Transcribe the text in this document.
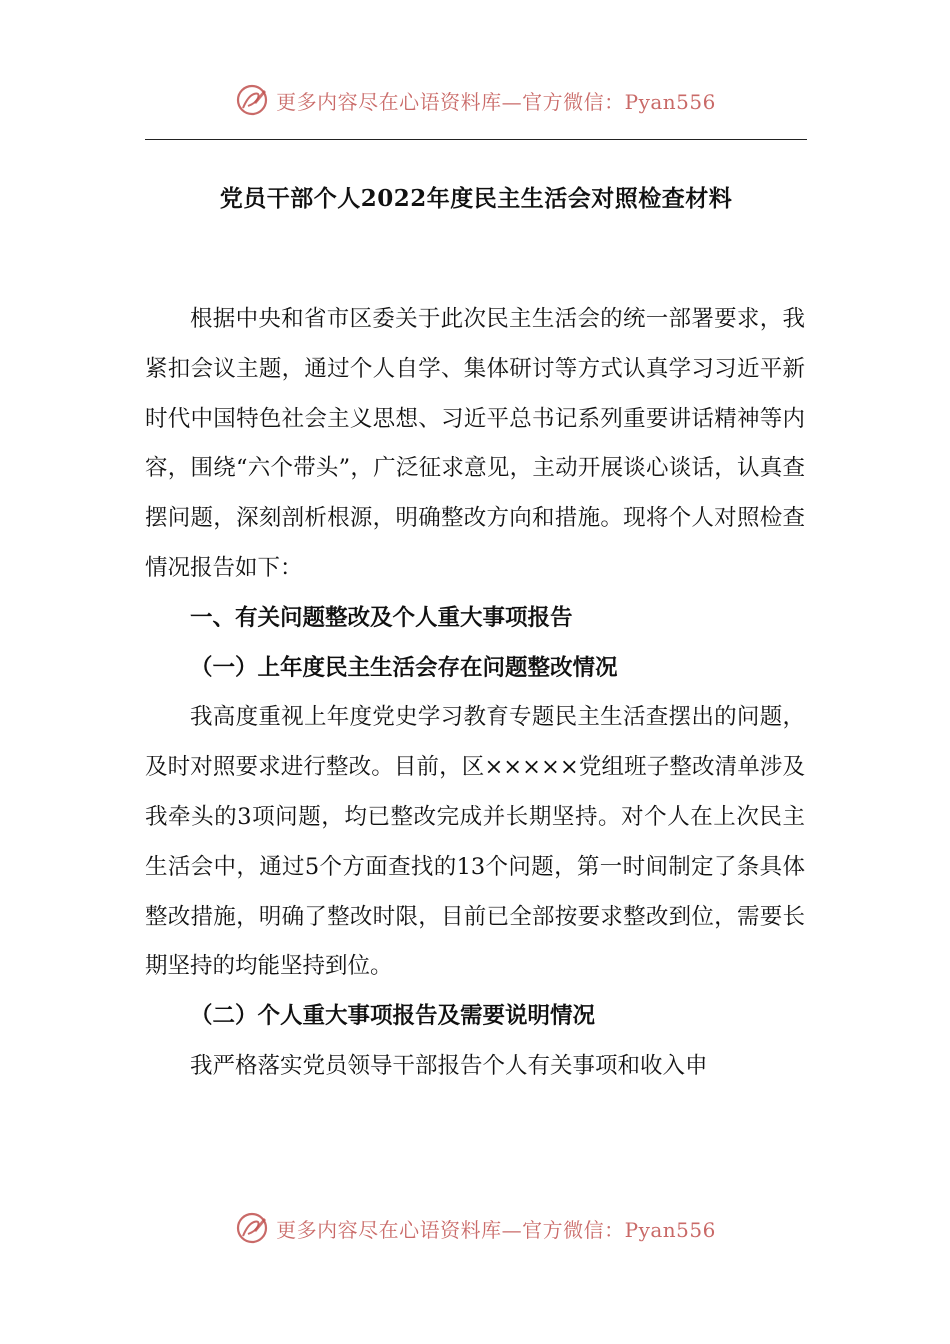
更多内容尽在心语资料库—官方微信：Pyan556
党员干部个人2022年度民主生活会对照检查材料

根据中央和省市区委关于此次民主生活会的统一部署要求，我紧扣会议主题，通过个人自学、集体研讨等方式认真学习习近平新时代中国特色社会主义思想、习近平总书记系列重要讲话精神等内容，围绕“六个带头”，广泛征求意见，主动开展谈心谈话，认真查摆问题，深刻剖析根源，明确整改方向和措施。现将个人对照检查情况报告如下：

一、有关问题整改及个人重大事项报告

（一）上年度民主生活会存在问题整改情况

我高度重视上年度党史学习教育专题民主生活查摆出的问题，及时对照要求进行整改。目前，区×××××党组班子整改清单涉及我牵头的3项问题，均已整改完成并长期坚持。对个人在上次民主生活会中，通过5个方面查找的13个问题，第一时间制定了条具体整改措施，明确了整改时限，目前已全部按要求整改到位，需要长期坚持的均能坚持到位。

（二）个人重大事项报告及需要说明情况

我严格落实党员领导干部报告个人有关事项和收入申

更多内容尽在心语资料库—官方微信：Pyan556
